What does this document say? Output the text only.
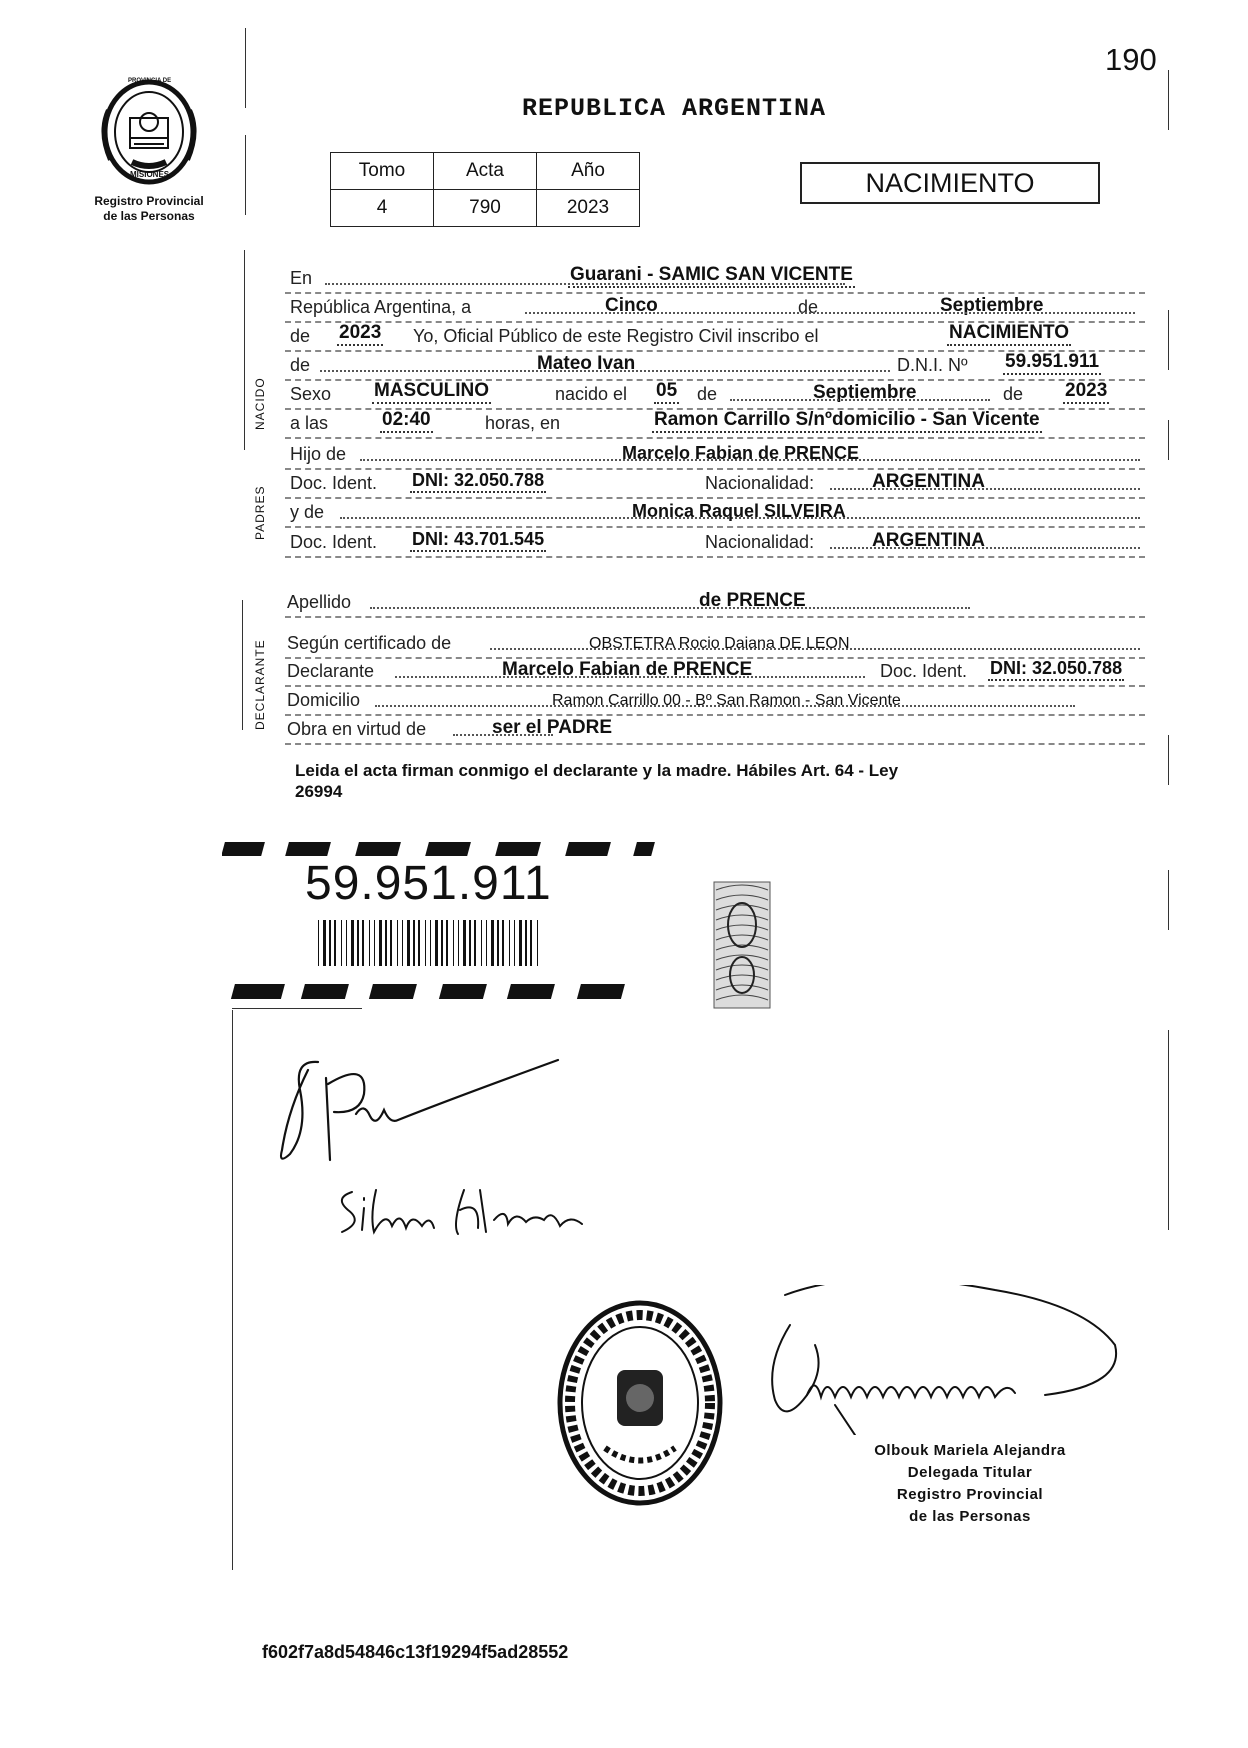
190
PROVINCIA DE
MISIONES
Registro Provincial
de las Personas
REPUBLICA ARGENTINA
Tomo	Acta	Año
4	790	2023
NACIMIENTO
NACIDO
PADRES
DECLARANTE
En	Guarani - SAMIC SAN VICENTE
República Argentina, a	Cinco	de	Septiembre
de 2023 Yo, Oficial Público de este Registro Civil inscribo el	NACIMIENTO
de	Mateo Ivan	D.N.I. Nº 59.951.911
Sexo MASCULINO	nacido el 05 de	Septiembre	de 2023
a las	02:40	horas, en	Ramon Carrillo S/nºdomicilio - San Vicente
Hijo de	Marcelo Fabian de PRENCE
Doc. Ident. DNI: 32.050.788	Nacionalidad:	ARGENTINA
y de	Monica Raquel SILVEIRA
Doc. Ident. DNI: 43.701.545	Nacionalidad:	ARGENTINA
Apellido	de PRENCE
Según certificado de	OBSTETRA Rocio Daiana DE LEON
Declarante	Marcelo Fabian de PRENCE	Doc. Ident. DNI: 32.050.788
Domicilio	Ramon Carrillo 00 - Bº San Ramon - San Vicente
Obra en virtud de	ser el PADRE
Leida el acta firman conmigo el declarante y la madre. Hábiles Art. 64 - Ley
26994
59.951.911
Olbouk Mariela Alejandra
Delegada Titular
Registro Provincial
de las Personas
f602f7a8d54846c13f19294f5ad28552
